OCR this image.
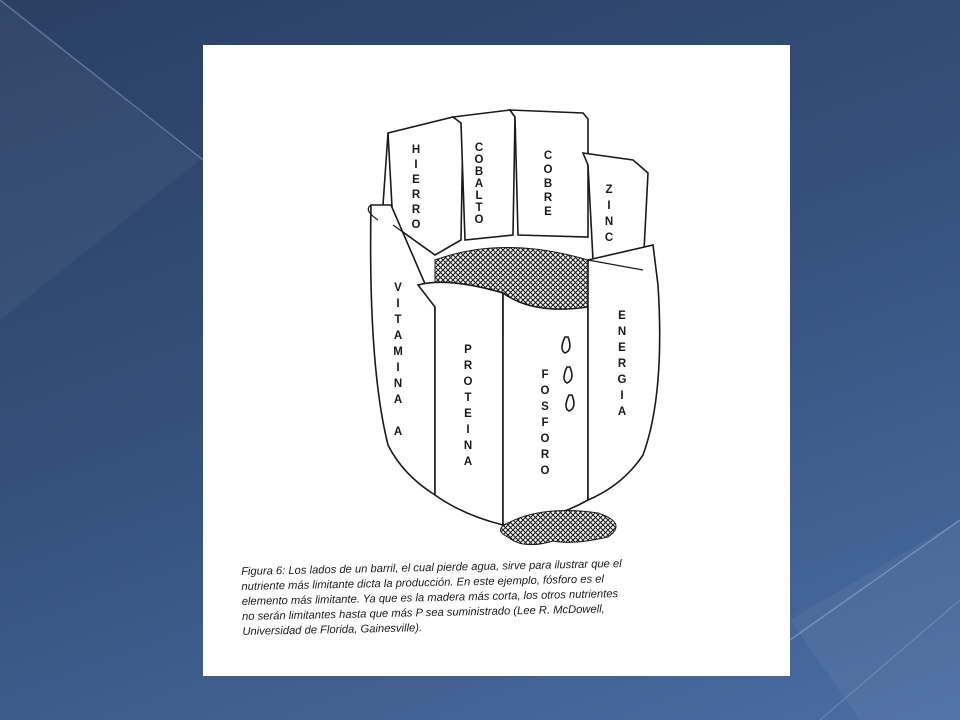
H I E R R O
C O B A L T O
C O B R E
Z I N C
V I T A M I N A A
P R O T E I N A
F O S F O R O
E N E R G I A
Figura 6: Los lados de un barril, el cual pierde agua, sirve para ilustrar que el
nutriente más limitante dicta la producción. En este ejemplo, fósforo es el
elemento más limitante. Ya que es la madera más corta, los otros nutrientes
no serán limitantes hasta que más P sea suministrado (Lee R. McDowell,
Universidad de Florida, Gainesville).
